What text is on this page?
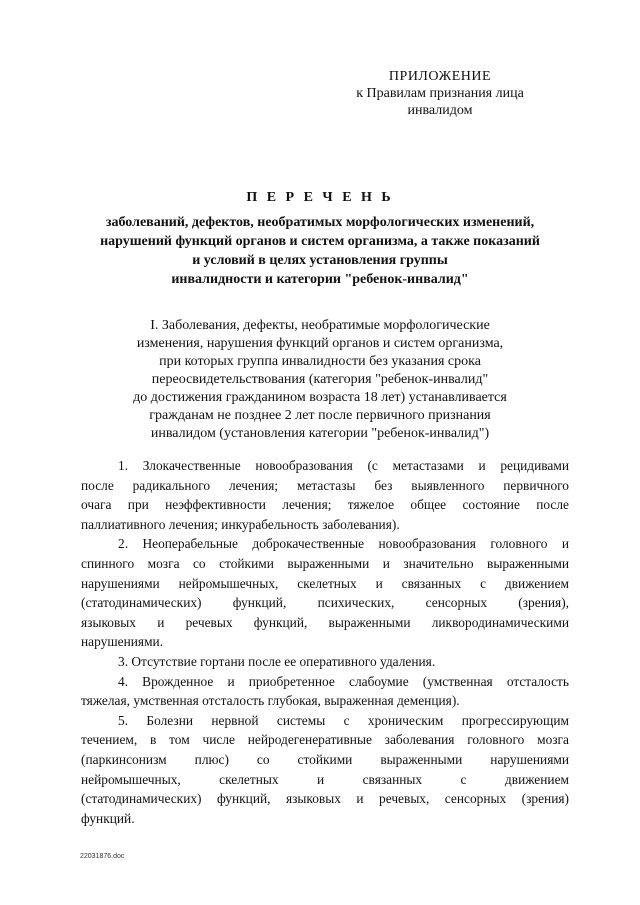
ПРИЛОЖЕНИЕ
к Правилам признания лица
инвалидом
П Е Р Е Ч Е Н Ь
заболеваний, дефектов, необратимых морфологических изменений,
нарушений функций органов и систем организма, а также показаний
и условий в целях установления группы
инвалидности и категории "ребенок-инвалид"
I. Заболевания, дефекты, необратимые морфологические
изменения, нарушения функций органов и систем организма,
при которых группа инвалидности без указания срока
переосвидетельствования (категория "ребенок-инвалид"
до достижения гражданином возраста 18 лет) устанавливается
гражданам не позднее 2 лет после первичного признания
инвалидом (установления категории "ребенок-инвалид")

1. Злокачественные новообразования (с метастазами и рецидивами
после радикального лечения; метастазы без выявленного первичного
очага при неэффективности лечения; тяжелое общее состояние после
паллиативного лечения; инкурабельность заболевания).

2. Неоперабельные доброкачественные новообразования головного и
спинного мозга со стойкими выраженными и значительно выраженными
нарушениями нейромышечных, скелетных и связанных с движением
(статодинамических) функций, психических, сенсорных (зрения),
языковых и речевых функций, выраженными ликвородинамическими
нарушениями.

3. Отсутствие гортани после ее оперативного удаления.

4. Врожденное и приобретенное слабоумие (умственная отсталость
тяжелая, умственная отсталость глубокая, выраженная деменция).

5. Болезни нервной системы с хроническим прогрессирующим
течением, в том числе нейродегенеративные заболевания головного мозга
(паркинсонизм плюс) со стойкими выраженными нарушениями
нейромышечных, скелетных и связанных с движением
(статодинамических) функций, языковых и речевых, сенсорных (зрения)
функций.

22031876.doc
